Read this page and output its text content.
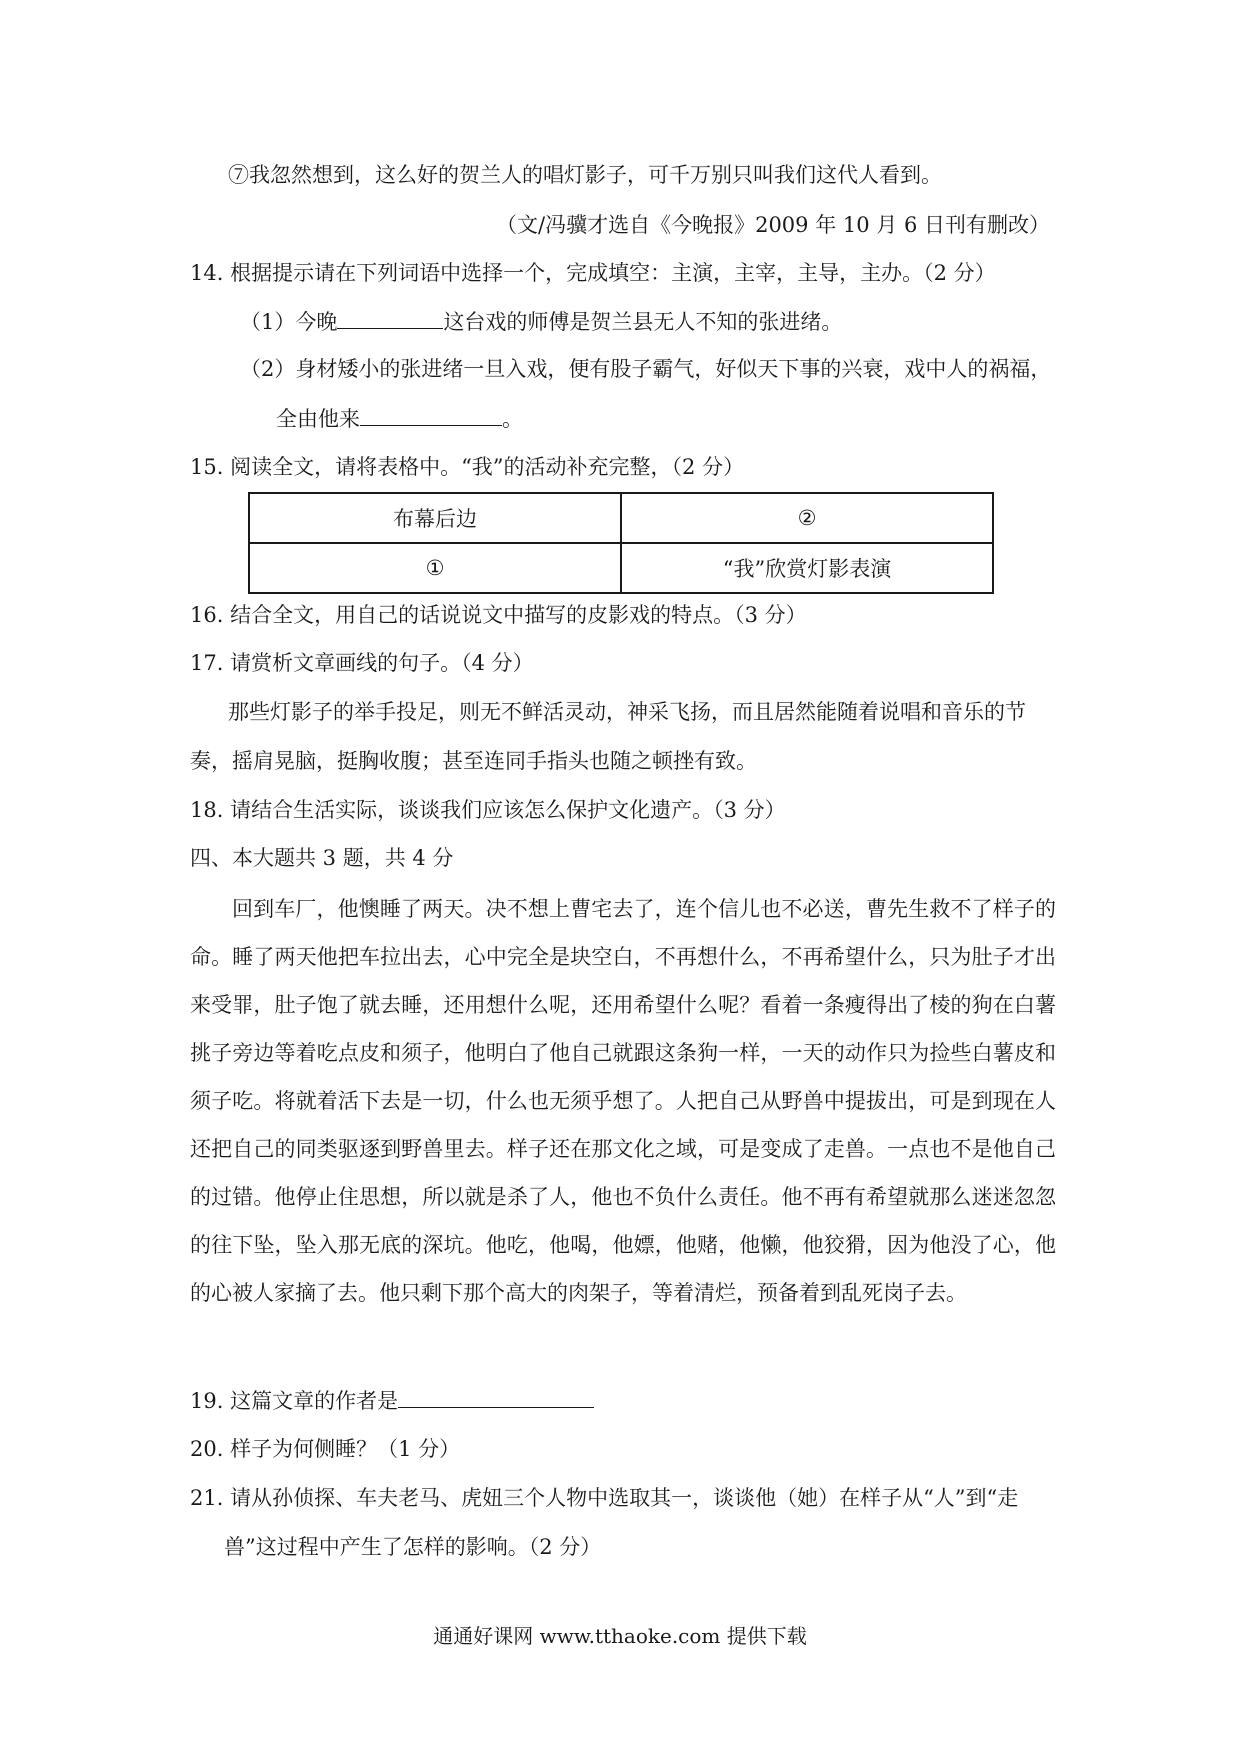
⑦我忽然想到，这么好的贺兰人的唱灯影子，可千万别只叫我们这代人看到。
（文/冯骥才选自《今晚报》2009 年 10 月 6 日刊有删改）
14. 根据提示请在下列词语中选择一个，完成填空：主演，主宰，主导，主办。（2 分）
（1）今晚	这台戏的师傅是贺兰县无人不知的张进绪。
（2）身材矮小的张进绪一旦入戏，便有股子霸气，好似天下事的兴衰，戏中人的祸福，
全由他来	。
15. 阅读全文，请将表格中。“我”的活动补充完整，（2 分）
布幕后边	②
①	“我”欣赏灯影表演
16. 结合全文，用自己的话说说文中描写的皮影戏的特点。（3 分）
17. 请赏析文章画线的句子。（4 分）
那些灯影子的举手投足，则无不鲜活灵动，神采飞扬，而且居然能随着说唱和音乐的节
奏，摇肩晃脑，挺胸收腹；甚至连同手指头也随之顿挫有致。
18. 请结合生活实际，谈谈我们应该怎么保护文化遗产。（3 分）
四、本大题共 3 题，共 4 分

回到车厂，他懊睡了两天。决不想上曹宅去了，连个信儿也不必送，曹先生救不了样子的命。睡了两天他把车拉出去，心中完全是块空白，不再想什么，不再希望什么，只为肚子才出来受罪，肚子饱了就去睡，还用想什么呢，还用希望什么呢？看着一条瘦得出了棱的狗在白薯挑子旁边等着吃点皮和须子，他明白了他自己就跟这条狗一样，一天的动作只为捡些白薯皮和须子吃。将就着活下去是一切，什么也无须乎想了。人把自己从野兽中提拔出，可是到现在人还把自己的同类驱逐到野兽里去。样子还在那文化之域，可是变成了走兽。一点也不是他自己的过错。他停止住思想，所以就是杀了人，他也不负什么责任。他不再有希望就那么迷迷忽忽的往下坠，坠入那无底的深坑。他吃，他喝，他嫖，他赌，他懒，他狡猾，因为他没了心，他的心被人家摘了去。他只剩下那个高大的肉架子，等着清烂，预备着到乱死岗子去。

19. 这篇文章的作者是
20. 样子为何侧睡？（1 分）
21. 请从孙侦探、车夫老马、虎妞三个人物中选取其一，谈谈他（她）在样子从“人”到“走
兽”这过程中产生了怎样的影响。（2 分）
通通好课网 www.tthaoke.com 提供下载
